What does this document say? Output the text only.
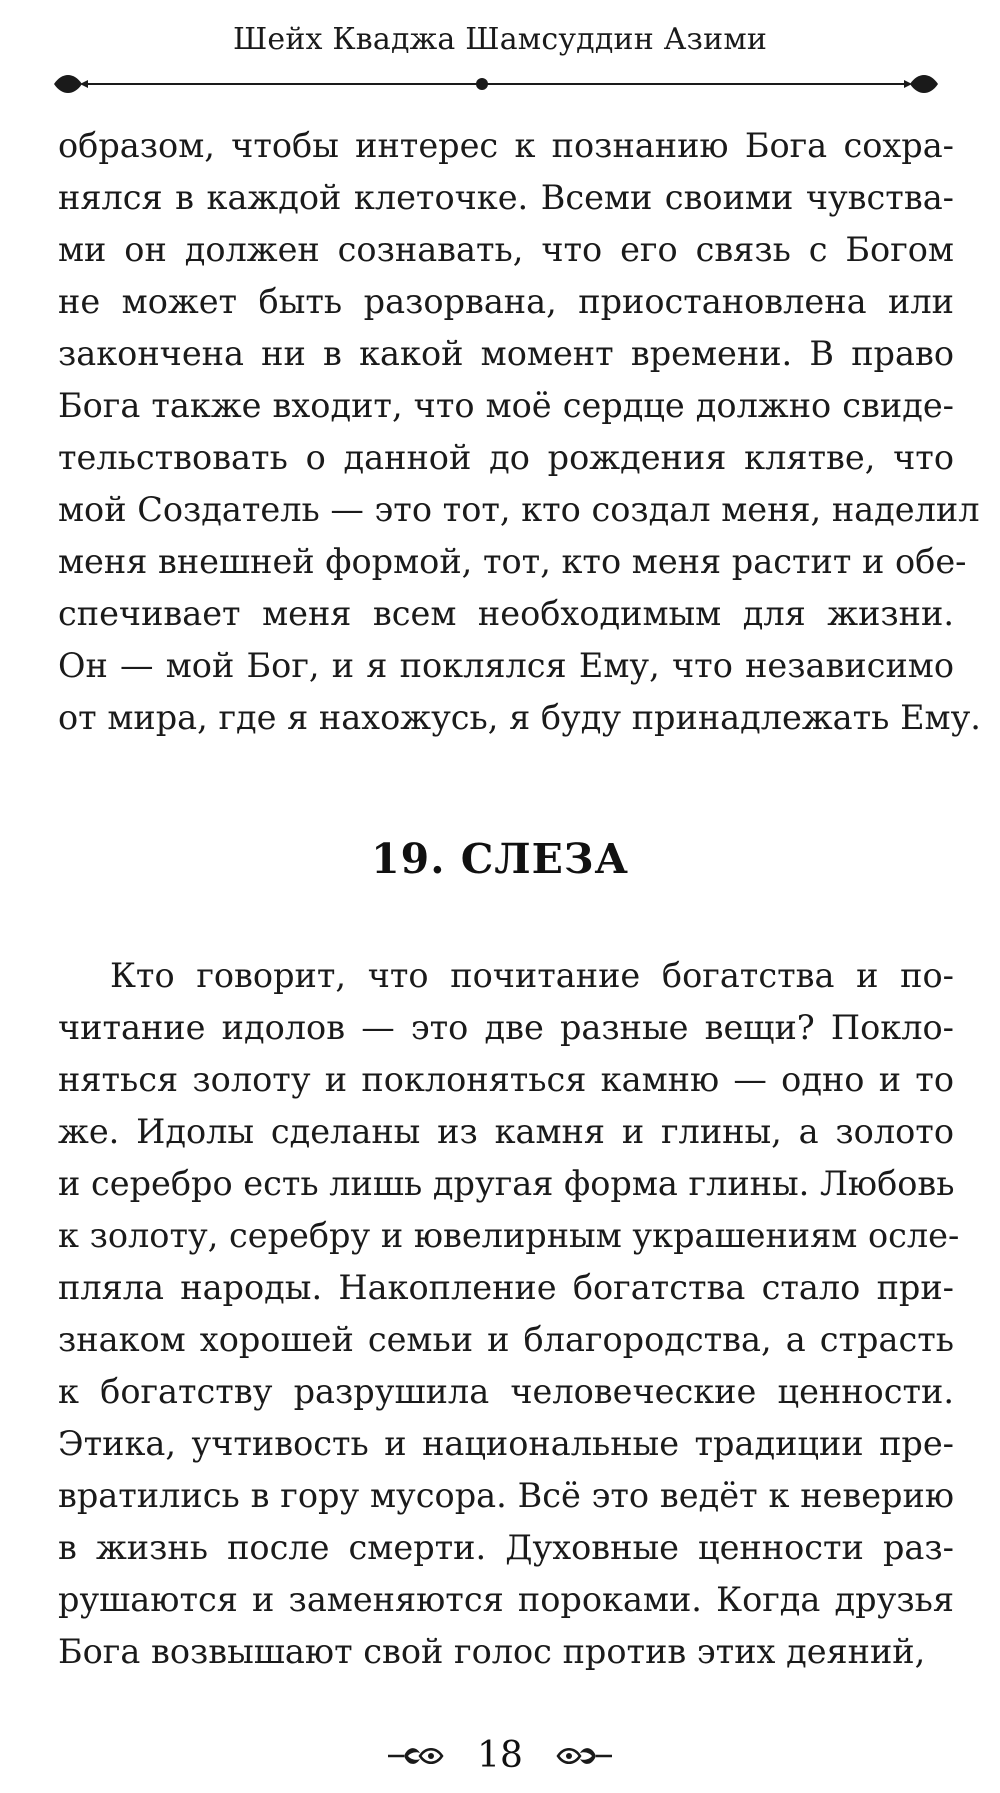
Шейх Кваджа Шамсуддин Азими
образом, чтобы интерес к познанию Бога сохра-
нялся в каждой клеточке. Всеми своими чувства-
ми он должен сознавать, что его связь с Богом
не может быть разорвана, приостановлена или
закончена ни в какой момент времени. В право
Бога также входит, что моё сердце должно свиде-
тельствовать о данной до рождения клятве, что
мой Создатель — это тот, кто создал меня, наделил
меня внешней формой, тот, кто меня растит и обе-
спечивает меня всем необходимым для жизни.
Он — мой Бог, и я поклялся Ему, что независимо
от мира, где я нахожусь, я буду принадлежать Ему.
19. СЛЕЗА
Кто говорит, что почитание богатства и по-
читание идолов — это две разные вещи? Покло-
няться золоту и поклоняться камню — одно и то
же. Идолы сделаны из камня и глины, а золото
и серебро есть лишь другая форма глины. Любовь
к золоту, серебру и ювелирным украшениям осле-
пляла народы. Накопление богатства стало при-
знаком хорошей семьи и благородства, а страсть
к богатству разрушила человеческие ценности.
Этика, учтивость и национальные традиции пре-
вратились в гору мусора. Всё это ведёт к неверию
в жизнь после смерти. Духовные ценности раз-
рушаются и заменяются пороками. Когда друзья
Бога возвышают свой голос против этих деяний,
18
